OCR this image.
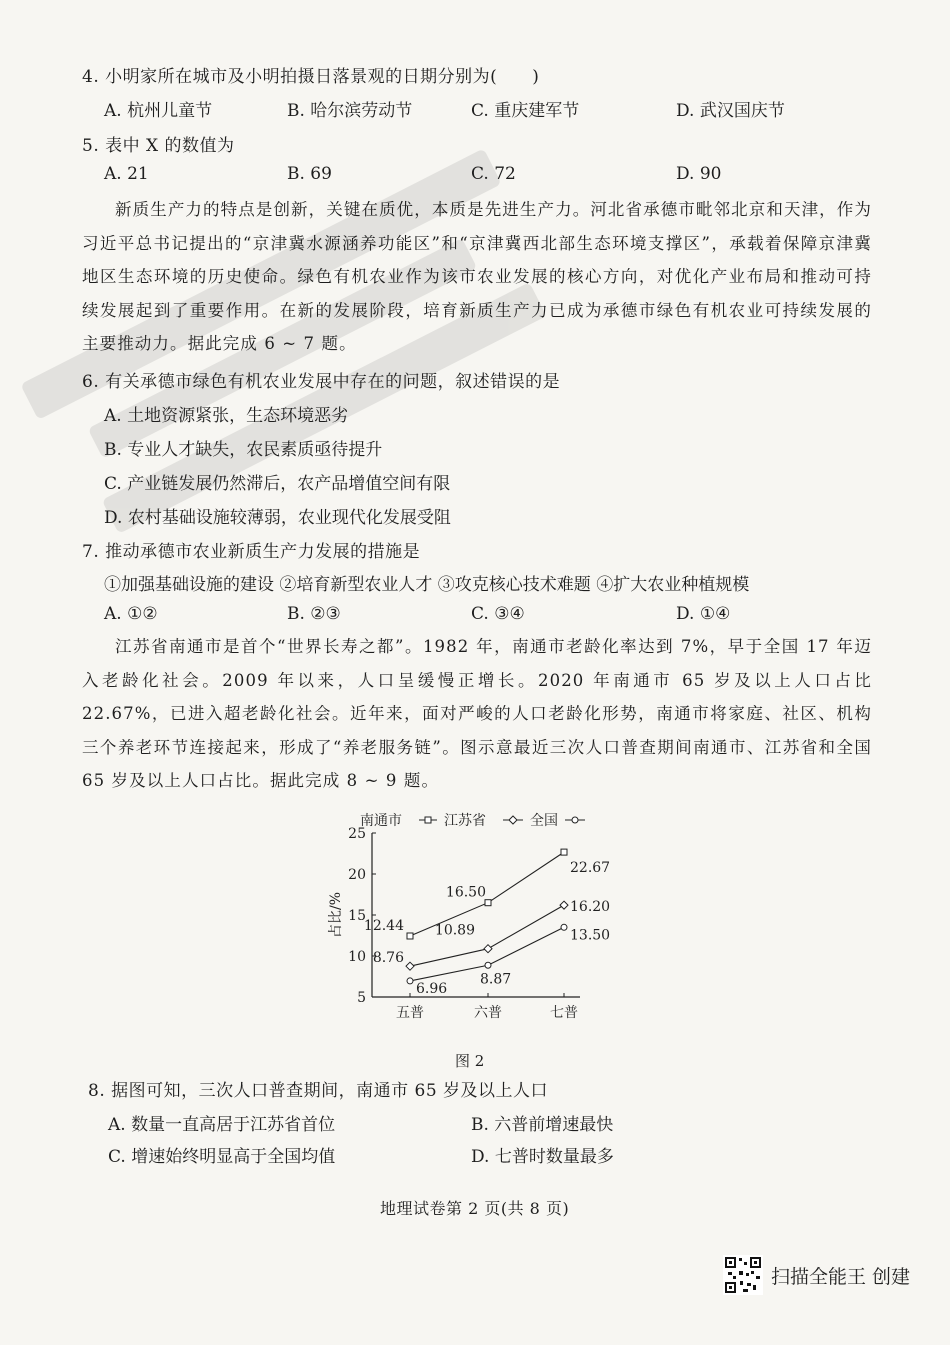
4. 小明家所在城市及小明拍摄日落景观的日期分别为(　　)
A. 杭州儿童节	B. 哈尔滨劳动节	C. 重庆建军节	D. 武汉国庆节
5. 表中 X 的数值为
A. 21	B. 69	C. 72	D. 90

新质生产力的特点是创新，关键在质优，本质是先进生产力。河北省承德市毗邻北京和天津，作为习近平总书记提出的“京津冀水源涵养功能区”和“京津冀西北部生态环境支撑区”，承载着保障京津冀地区生态环境的历史使命。绿色有机农业作为该市农业发展的核心方向，对优化产业布局和推动可持续发展起到了重要作用。在新的发展阶段，培育新质生产力已成为承德市绿色有机农业可持续发展的主要推动力。据此完成 6 ~ 7 题。

6. 有关承德市绿色有机农业发展中存在的问题，叙述错误的是
A. 土地资源紧张，生态环境恶劣
B. 专业人才缺失，农民素质亟待提升
C. 产业链发展仍然滞后，农产品增值空间有限
D. 农村基础设施较薄弱，农业现代化发展受阻
7. 推动承德市农业新质生产力发展的措施是
①加强基础设施的建设 ②培育新型农业人才 ③攻克核心技术难题 ④扩大农业种植规模
A. ①②	B. ②③	C. ③④	D. ①④

江苏省南通市是首个“世界长寿之都”。1982 年，南通市老龄化率达到 7%，早于全国 17 年迈入老龄化社会。2009 年以来，人口呈缓慢正增长。2020 年南通市 65 岁及以上人口占比 22.67%，已进入超老龄化社会。近年来，面对严峻的人口老龄化形势，南通市将家庭、社区、机构三个养老环节连接起来，形成了“养老服务链”。图示意最近三次人口普查期间南通市、江苏省和全国 65 岁及以上人口占比。据此完成 8 ~ 9 题。

5
10
15
20
25
五普	六普	七普
占比/% 12.44
16.50
22.67
8.76
10.89
16.20
6.96
8.87
13.50
南通市	江苏省	全国
图 2
8. 据图可知，三次人口普查期间，南通市 65 岁及以上人口
A. 数量一直高居于江苏省首位	B. 六普前增速最快
C. 增速始终明显高于全国均值	D. 七普时数量最多
地理试卷第 2 页(共 8 页)
扫描全能王 创建
